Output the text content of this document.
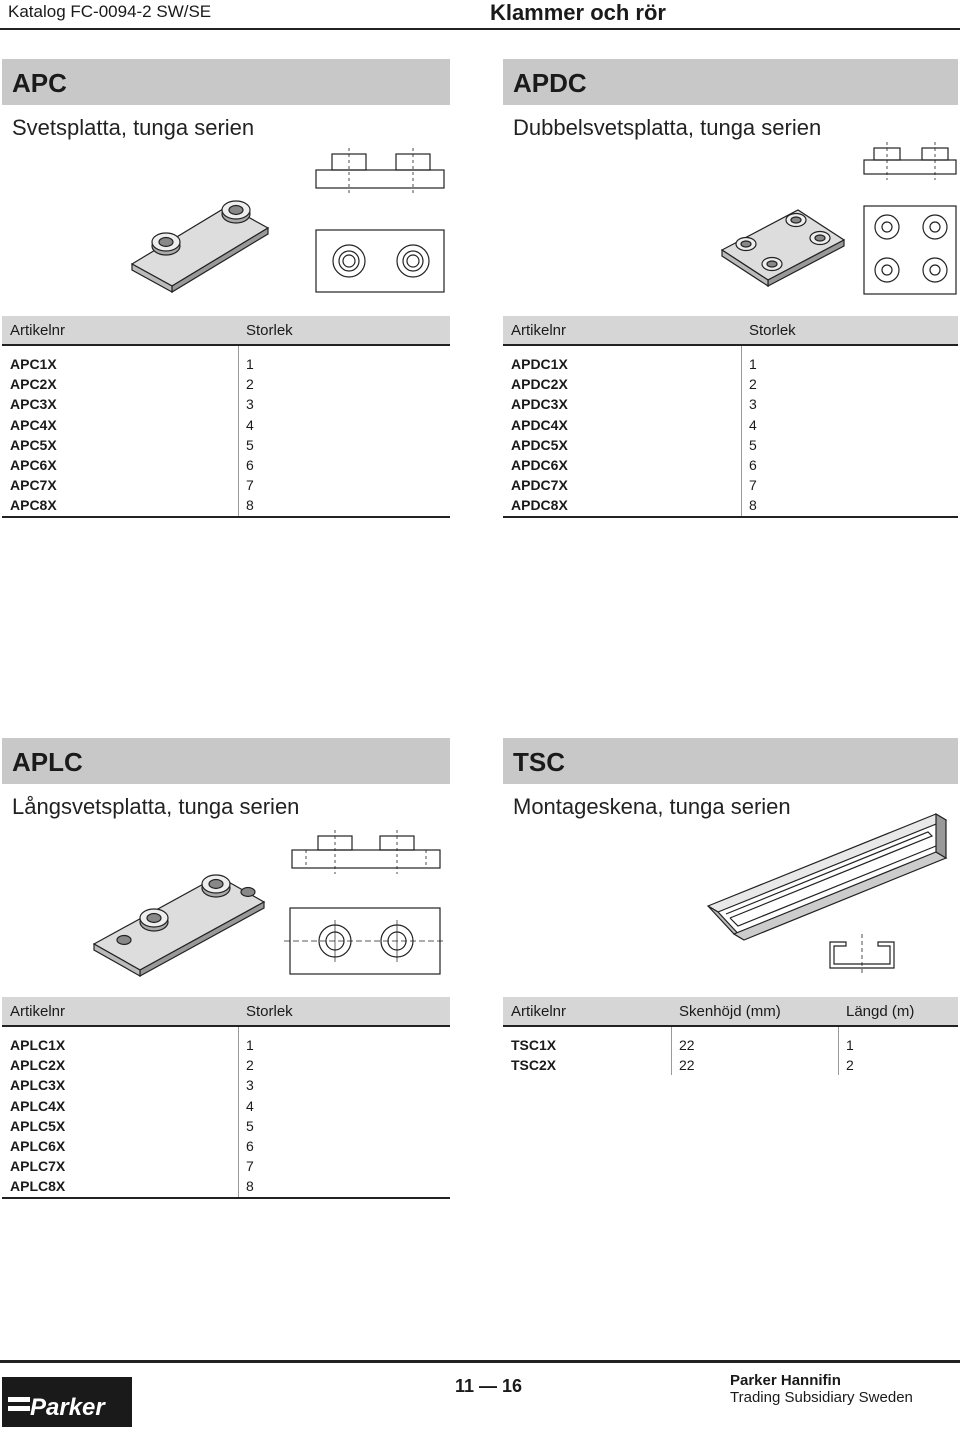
Katalog FC-0094-2 SW/SE	Klammer och rör
APC
Svetsplatta, tunga serien
Artikelnr	Storlek
APC1X	1
APC2X	2
APC3X	3
APC4X	4
APC5X	5
APC6X	6
APC7X	7
APC8X	8
APDC
Dubbelsvetsplatta, tunga serien
Artikelnr	Storlek
APDC1X	1
APDC2X	2
APDC3X	3
APDC4X	4
APDC5X	5
APDC6X	6
APDC7X	7
APDC8X	8
APLC
Långsvetsplatta, tunga serien
Artikelnr	Storlek
APLC1X	1
APLC2X	2
APLC3X	3
APLC4X	4
APLC5X	5
APLC6X	6
APLC7X	7
APLC8X	8
TSC
Montageskena, tunga serien
Artikelnr	Skenhöjd (mm)	Längd (m)
TSC1X	22	1
TSC2X	22	2
Parker
11 — 16	Parker Hannifin
Trading Subsidiary Sweden
